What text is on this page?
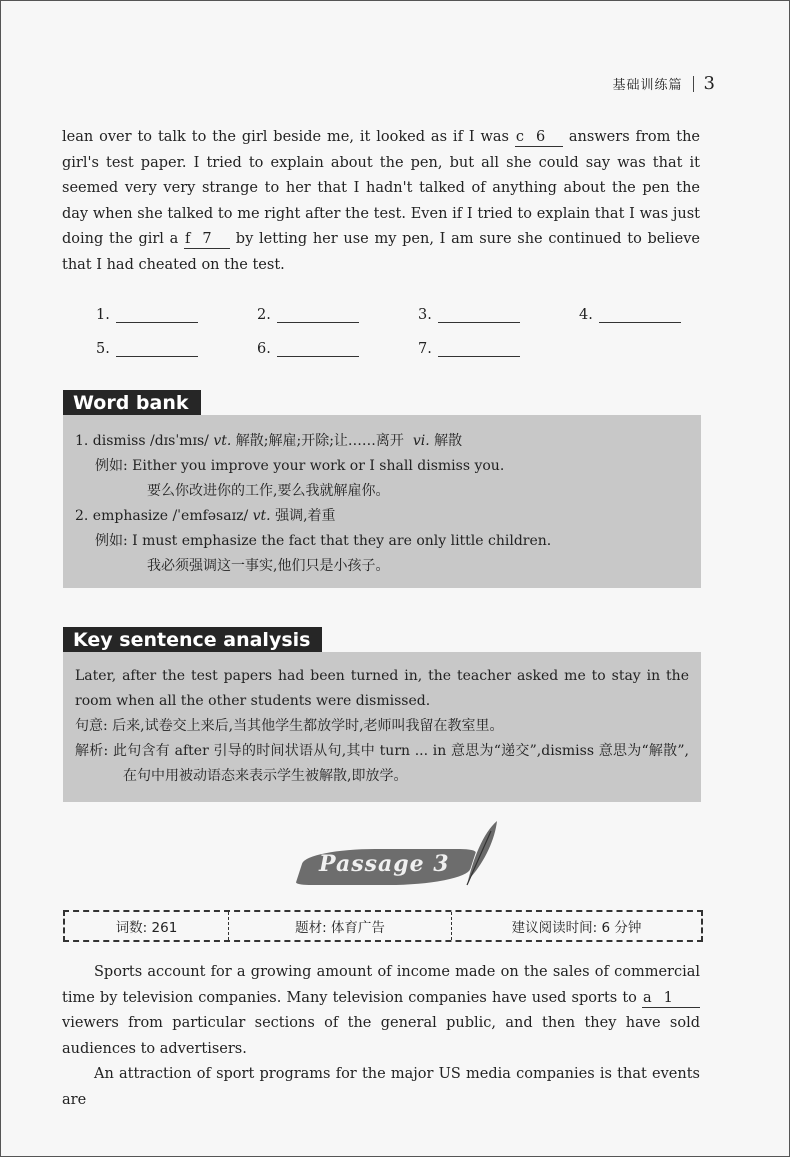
基础训练篇 3
lean over to talk to the girl beside me, it looked as if I was c 6 answers from the girl's test paper. I tried to explain about the pen, but all she could say was that it seemed very very strange to her that I hadn't talked of anything about the pen the day when she talked to me right after the test. Even if I tried to explain that I was just doing the girl a f 7 by letting her use my pen, I am sure she continued to believe that I had cheated on the test.
1.	2.	3.	4.
5.	6.	7.
Word bank

1. dismiss /dɪsˈmɪs/ vt. 解散;解雇;开除;让……离开 vi. 解散

例如: Either you improve your work or I shall dismiss you.

要么你改进你的工作,要么我就解雇你。

2. emphasize /ˈemfəsaɪz/ vt. 强调,着重

例如: I must emphasize the fact that they are only little children.

我必须强调这一事实,他们只是小孩子。

Key sentence analysis

Later, after the test papers had been turned in, the teacher asked me to stay in the room when all the other students were dismissed.

句意: 后来,试卷交上来后,当其他学生都放学时,老师叫我留在教室里。

解析: 此句含有 after 引导的时间状语从句,其中 turn ... in 意思为“递交”,dismiss 意思为“解散”,在句中用被动语态来表示学生被解散,即放学。

Passage 3
词数: 261	题材: 体育广告	建议阅读时间: 6 分钟
Sports account for a growing amount of income made on the sales of commercial time by television companies. Many television companies have used sports to a 1 viewers from particular sections of the general public, and then they have sold audiences to advertisers.
An attraction of sport programs for the major US media companies is that events are
